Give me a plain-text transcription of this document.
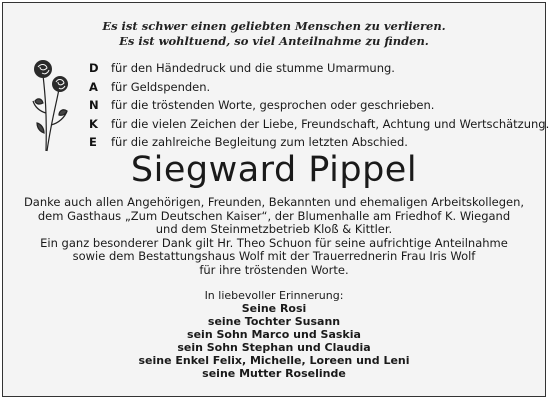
Es ist schwer einen geliebten Menschen zu verlieren.
Es ist wohltuend, so viel Anteilnahme zu finden.
D für den Händedruck und die stumme Umarmung.
A für Geldspenden.
N für die tröstenden Worte, gesprochen oder geschrieben.
K für die vielen Zeichen der Liebe, Freundschaft, Achtung und Wertschätzung.
E für die zahlreiche Begleitung zum letzten Abschied.
Siegward Pippel
Danke auch allen Angehörigen, Freunden, Bekannten und ehemaligen Arbeitskollegen,
dem Gasthaus „Zum Deutschen Kaiser“, der Blumenhalle am Friedhof K. Wiegand
und dem Steinmetzbetrieb Kloß & Kittler.
Ein ganz besonderer Dank gilt Hr. Theo Schuon für seine aufrichtige Anteilnahme
sowie dem Bestattungshaus Wolf mit der Trauerrednerin Frau Iris Wolf
für ihre tröstenden Worte.
In liebevoller Erinnerung:
Seine Rosi
seine Tochter Susann
sein Sohn Marco und Saskia
sein Sohn Stephan und Claudia
seine Enkel Felix, Michelle, Loreen und Leni
seine Mutter Roselinde
